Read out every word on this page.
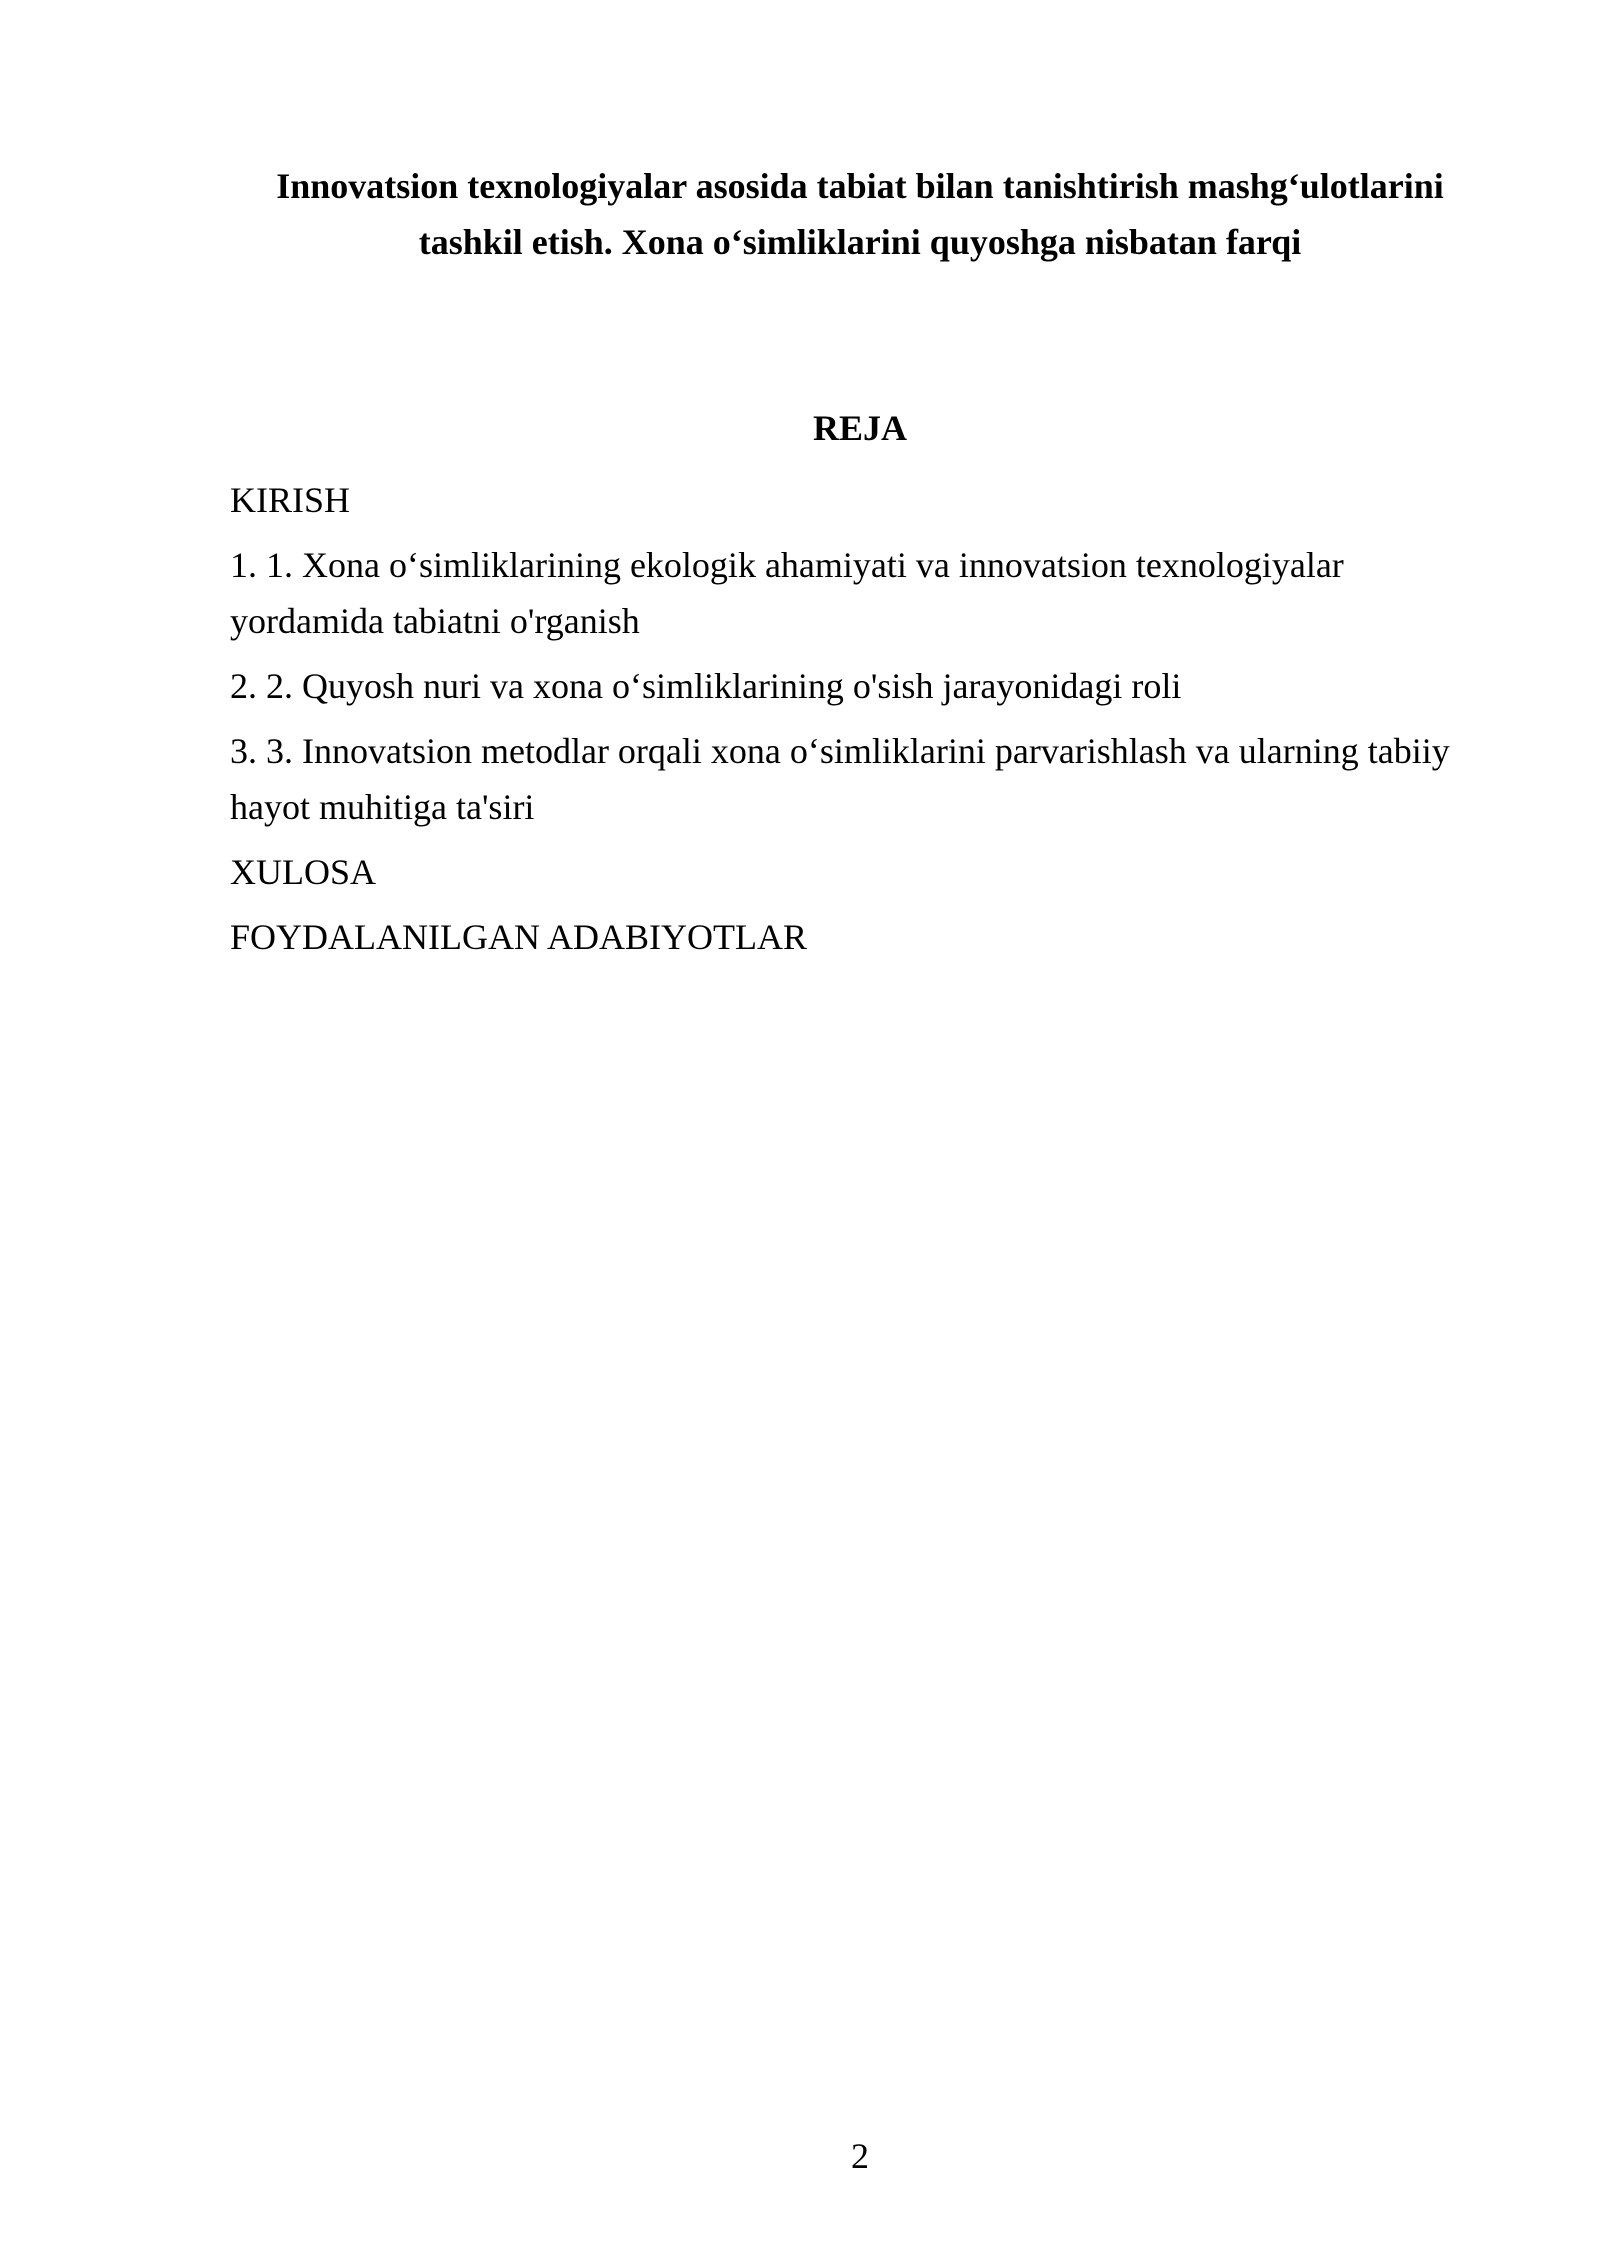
Innovatsion texnologiyalar asosida tabiat bilan tanishtirish mashg‘ulotlarini tashkil etish. Xona o‘simliklarini quyoshga nisbatan farqi
REJA
KIRISH
1. 1. Xona o‘simliklarining ekologik ahamiyati va innovatsion texnologiyalar yordamida tabiatni o'rganish
2. 2. Quyosh nuri va xona o‘simliklarining o'sish jarayonidagi roli
3. 3. Innovatsion metodlar orqali xona o‘simliklarini parvarishlash va ularning tabiiy hayot muhitiga ta'siri
XULOSA
FOYDALANILGAN ADABIYOTLAR
2
